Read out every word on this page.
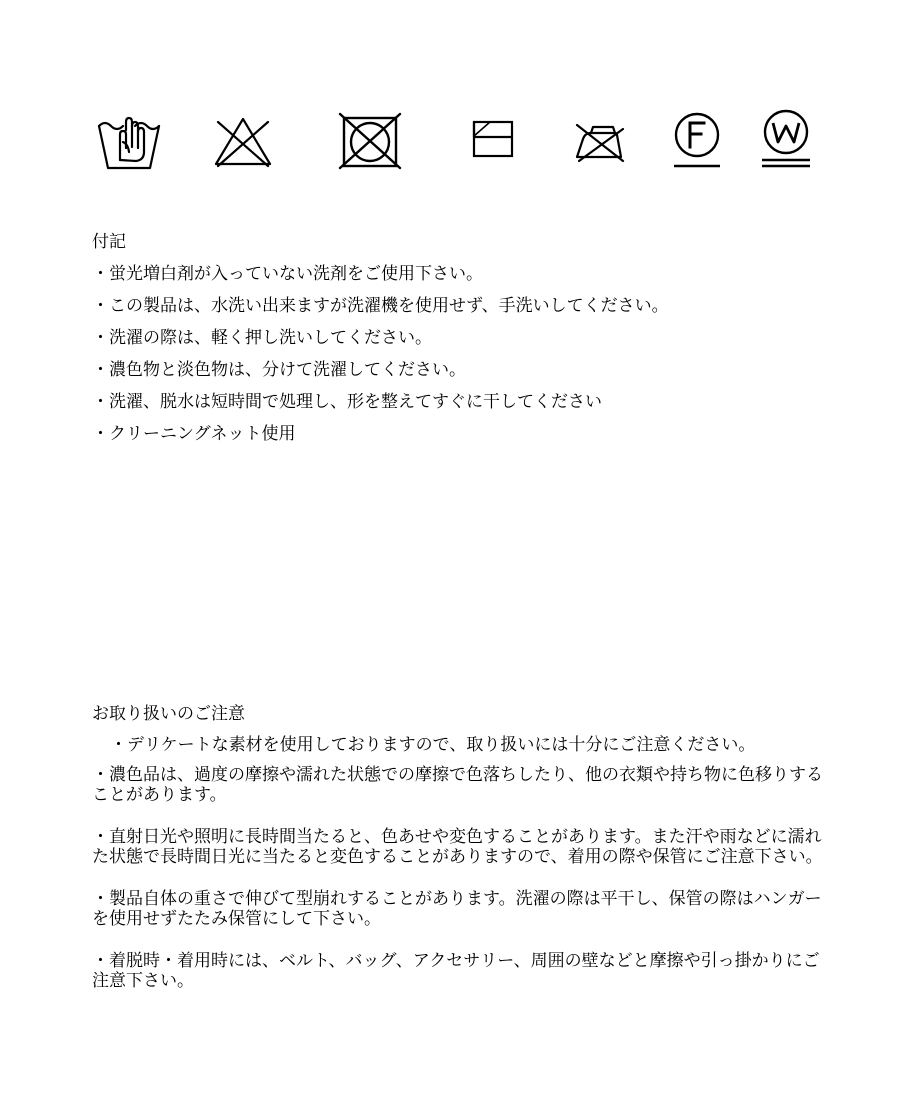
付記
・蛍光増白剤が入っていない洗剤をご使用下さい。
・この製品は、水洗い出来ますが洗濯機を使用せず、手洗いしてください。
・洗濯の際は、軽く押し洗いしてください。
・濃色物と淡色物は、分けて洗濯してください。
・洗濯、脱水は短時間で処理し、形を整えてすぐに干してください
・クリーニングネット使用
お取り扱いのご注意

・デリケートな素材を使用しておりますので、取り扱いには十分にご注意ください。

・濃色品は、過度の摩擦や濡れた状態での摩擦で色落ちしたり、他の衣類や持ち物に色移りすることがあります。

・直射日光や照明に長時間当たると、色あせや変色することがあります。また汗や雨などに濡れた状態で長時間日光に当たると変色することがありますので、着用の際や保管にご注意下さい。

・製品自体の重さで伸びて型崩れすることがあります。洗濯の際は平干し、保管の際はハンガーを使用せずたたみ保管にして下さい。

・着脱時・着用時には、ベルト、バッグ、アクセサリー、周囲の壁などと摩擦や引っ掛かりにご注意下さい。
